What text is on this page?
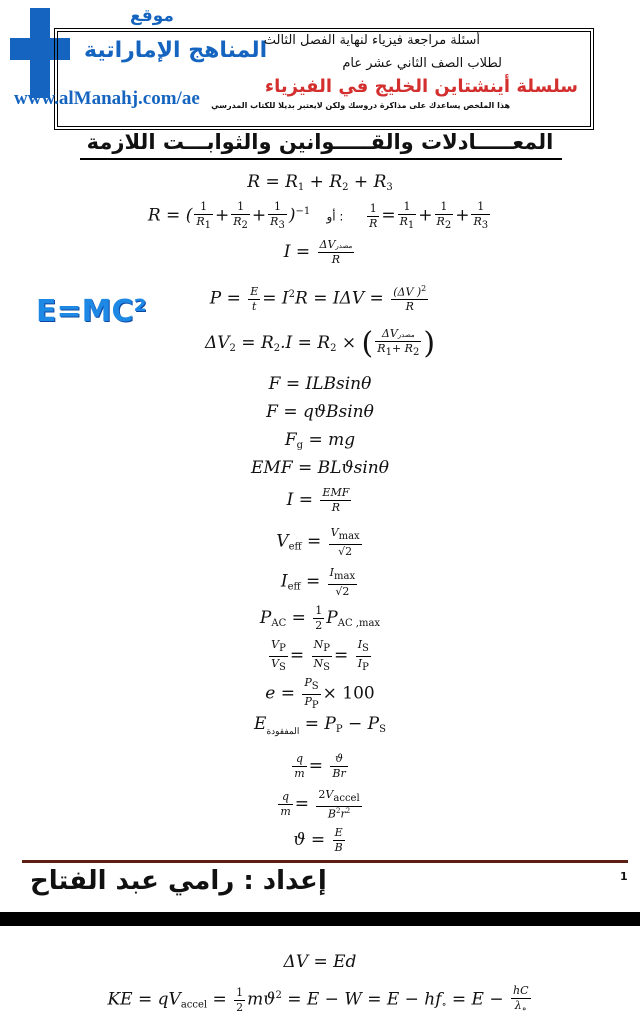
موقع
المناهج الإماراتية
أسئلة مراجعة فيزياء لنهاية الفصل الثالث
لطلاب الصف الثاني عشر عام
سلسلة أينشتاين الخليج في الفيزياء
هذا الملخص يساعدك على مذاكرة دروسك ولكن لايعتبر بديلا للكتاب المدرسي
www.alManahj.com/ae
المعـــــادلات والقـــــوانين والثوابـــت اللازمة
$R = R_1 + R_2 + R_3$
R = ( $\frac{1}{R1} + \frac{1}{R2} + \frac{1}{R3} )^{-1}$ أو : $\frac{1}{R} = \frac{1}{R1} + \frac{1}{R2} + \frac{1}{R3}$
$I = \frac{\text{ΔVمصدر}}{R}$
E=MC²	$P = \frac{E}{t} = I^2R = I\Delta V = \frac{(\Delta V )^2}{R}$
$\Delta V_2 = R_2.I = R_2$ × ( $\frac{\text{ΔVمصدر}}{R1+ R2}$ )
F = ILBsinθ
F = qϑBsinθ
$F_g$ = mg
EMF = BLϑsinθ
$I = \frac{\text{EMF}}{R}$
$V_{eff} = \frac{Vmax}{√2}$
$I_{eff} = \frac{Imax}{√2}$
$P_{AC} = \frac{1}{2} P_{AC ,max}$
$\frac{VP}{VS} = \frac{NP}{NS} = \frac{IS}{IP}$
$e = \frac{PS}{PP} \times 100$
$E_{المفقودة} = P_P - P_S$
$\frac{q}{m} = \frac{ϑ}{Br}$
$\frac{q}{m} = \frac{\text{2Vaccel}}{B^2r^2}$
$ϑ = \frac{E}{B}$
1
إعداد : رامي عبد الفتاح
ΔV = Ed
KE = $qV_{accel} = \frac{1}{2} mϑ^2 = E - W = E - hf_\circ = E - \frac{hC}{\lambda\circ}$
